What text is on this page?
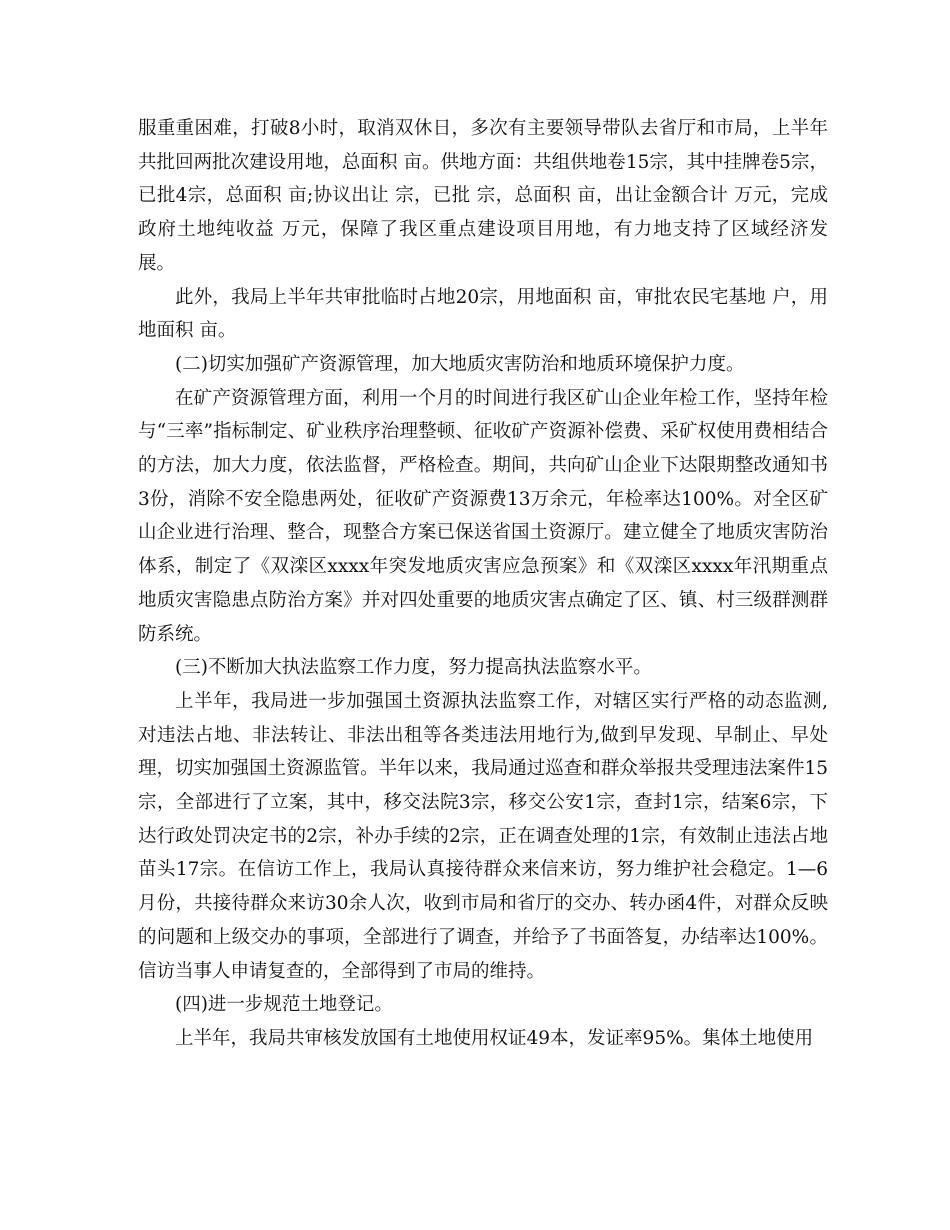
服重重困难，打破8小时，取消双休日，多次有主要领导带队去省厅和市局，上半年共批回两批次建设用地，总面积 亩。供地方面：共组供地卷15宗，其中挂牌卷5宗，已批4宗，总面积 亩;协议出让 宗，已批 宗，总面积 亩，出让金额合计 万元，完成政府土地纯收益 万元，保障了我区重点建设项目用地，有力地支持了区域经济发展。

此外，我局上半年共审批临时占地20宗，用地面积 亩，审批农民宅基地 户，用地面积 亩。

(二)切实加强矿产资源管理，加大地质灾害防治和地质环境保护力度。

在矿产资源管理方面，利用一个月的时间进行我区矿山企业年检工作，坚持年检与“三率”指标制定、矿业秩序治理整顿、征收矿产资源补偿费、采矿权使用费相结合的方法，加大力度，依法监督，严格检查。期间，共向矿山企业下达限期整改通知书3份，消除不安全隐患两处，征收矿产资源费13万余元，年检率达100%。对全区矿山企业进行治理、整合，现整合方案已保送省国土资源厅。建立健全了地质灾害防治体系，制定了《双滦区xxxx年突发地质灾害应急预案》和《双滦区xxxx年汛期重点地质灾害隐患点防治方案》并对四处重要的地质灾害点确定了区、镇、村三级群测群防系统。

(三)不断加大执法监察工作力度，努力提高执法监察水平。

上半年，我局进一步加强国土资源执法监察工作，对辖区实行严格的动态监测,对违法占地、非法转让、非法出租等各类违法用地行为,做到早发现、早制止、早处理，切实加强国土资源监管。半年以来，我局通过巡查和群众举报共受理违法案件15宗，全部进行了立案，其中，移交法院3宗，移交公安1宗，查封1宗，结案6宗，下达行政处罚决定书的2宗，补办手续的2宗，正在调查处理的1宗，有效制止违法占地苗头17宗。在信访工作上，我局认真接待群众来信来访，努力维护社会稳定。1—6月份，共接待群众来访30余人次，收到市局和省厅的交办、转办函4件，对群众反映的问题和上级交办的事项，全部进行了调查，并给予了书面答复，办结率达100%。信访当事人申请复查的，全部得到了市局的维持。

(四)进一步规范土地登记。

上半年，我局共审核发放国有土地使用权证49本，发证率95%。集体土地使用
